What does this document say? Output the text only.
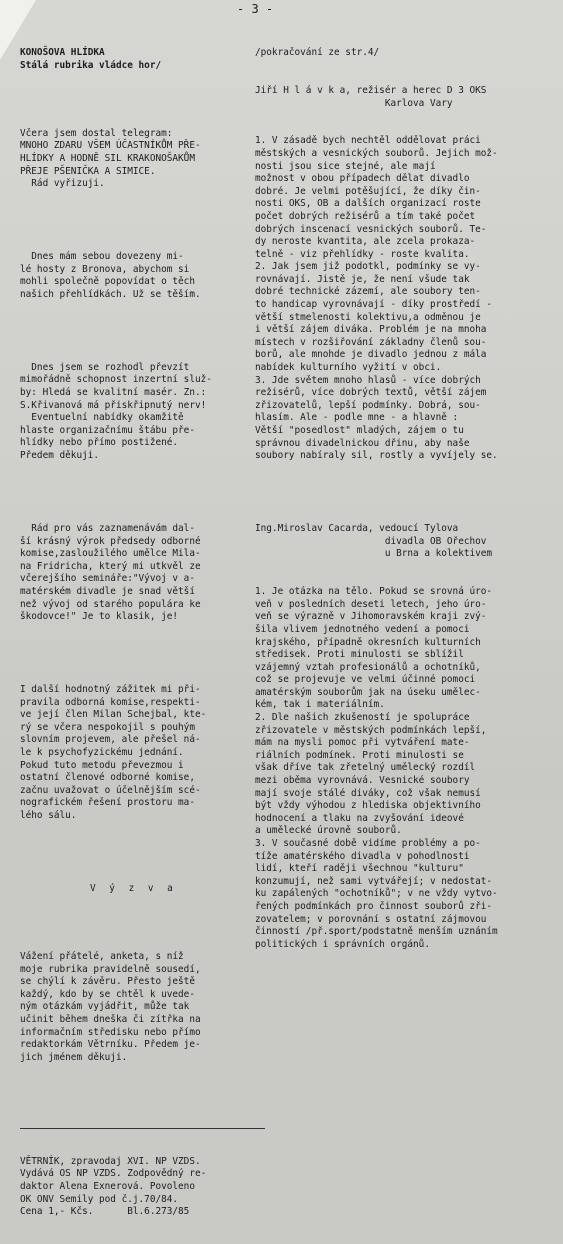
- 3 -

KONOŠOVA HLÍDKA
Stálá rubrika vládce hor/

Včera jsem dostal telegram:
MNOHO ZDARU VŠEM ÚČASTNÍKŮM PŘE-
HLÍDKY A HODNĚ SIL KRAKONOŠAKŮM
PŘEJE PŠENIČKA A SIMICE.
Rád vyřizuji.

Dnes mám sebou dovezeny mi-
lé hosty z Bronova, abychom si
mohli společně popovídat o těch
našich přehlídkách. Už se těším.

Dnes jsem se rozhodl převzít
mimořádně schopnost inzertní služ-
by: Hledá se kvalitní masér. Zn.:
S.Křivanová má přiskřipnutý nerv!
Eventuelní nabídky okamžitě
hlaste organizačnímu štábu pře-
hlídky nebo přímo postižené.
Předem děkuji.

Rád pro vás zaznamenávám dal-
ší krásný výrok předsedy odborné
komise,zasloužilého umělce Mila-
na Fridricha, který mi utkvěl ze
včerejšího semináře:"Vývoj v a-
matérském divadle je snad větší
než vývoj od starého populára ke
škodovce!" Je to klasik, je!

I další hodnotný zážitek mi při-
pravila odborná komise,respekti-
ve její člen Milan Schejbal, kte-
rý se včera nespokojil s pouhým
slovním projevem, ale přešel ná-
le k psychofyzickému jednání.
Pokud tuto metodu převezmou i
ostatní členové odborné komise,
začnu uvažovat o účelnějším scé-
nografickém řešení prostoru ma-
lého sálu.

V ý z v a

Vážení přátelé, anketa, s níž
moje rubrika pravidelně sousedí,
se chýlí k závěru. Přesto ještě
každý, kdo by se chtěl k uvede-
ným otázkám vyjádřit, může tak
učinit během dneška či zítřka na
informačním středisku nebo přímo
redaktorkám Větrníku. Předem je-
jich jménem děkuji.

VĚTRNÍK, zpravodaj XVI. NP VZDS.
Vydává OS NP VZDS. Zodpovědný re-
daktor Alena Exnerová. Povoleno
OK ONV Semily pod č.j.70/84.
Cena 1,- Kčs.      Bl.6.273/85

/pokračování ze str.4/

Jiří H l á v k a, režisér a herec D 3 OKS
Karlova Vary

1. V zásadě bych nechtěl oddělovat práci
městských a vesnických souborů. Jejich mož-
nosti jsou sice stejné, ale mají
možnost v obou případech dělat divadlo
dobré. Je velmi potěšující, že díky čin-
nosti OKS, OB a dalších organizací roste
počet dobrých režisérů a tím také počet
dobrých inscenací vesnických souborů. Te-
dy neroste kvantita, ale zcela prokaza-
telně - viz přehlídky - roste kvalita.
2. Jak jsem již podotkl, podmínky se vy-
rovnávají. Jistě je, že není všude tak
dobré technické zázemí, ale soubory ten-
to handicap vyrovnávají - díky prostředí -
větší stmelenosti kolektivu,a odměnou je
i větší zájem diváka. Problém je na mnoha
místech v rozšiřování základny členů sou-
borů, ale mnohde je divadlo jednou z mála
nabídek kulturního vyžití v obci.
3. Jde světem mnoho hlasů - více dobrých
režisérů, více dobrých textů, větší zájem
zřizovatelů, lepší podmínky. Dobrá, sou-
hlasím. Ale - podle mne - a hlavně :
Větší "posedlost" mladých, zájem o tu
správnou divadelnickou dřinu, aby naše
soubory nabíraly sil, rostly a vyvíjely se.

Ing.Miroslav Cacarda, vedoucí Tylova
divadla OB Ořechov
u Brna a kolektivem

1. Je otázka na tělo. Pokud se srovná úro-
veň v posledních deseti letech, jeho úro-
veň se výrazně v Jihomoravském kraji zvý-
šila vlivem jednotného vedení a pomoci
krajského, případně okresních kulturních
středisek. Proti minulosti se sblížil
vzájemný vztah profesionálů a ochotníků,
což se projevuje ve velmi účinné pomoci
amatérským souborům jak na úseku umělec-
kém, tak i materiálním.
2. Dle našich zkušeností je spolupráce
zřizovatele v městských podmínkách lepší,
mám na mysli pomoc při vytváření mate-
riálních podmínek. Proti minulosti se
však dříve tak zřetelný umělecký rozdíl
mezi oběma vyrovnává. Vesnické soubory
mají svoje stálé diváky, což však nemusí
být vždy výhodou z hlediska objektivního
hodnocení a tlaku na zvyšování ideové
a umělecké úrovně souborů.
3. V současné době vidíme problémy a po-
tíže amatérského divadla v pohodlnosti
lidí, kteří raději všechnou "kulturu"
konzumují, než sami vytvářejí; v nedostat-
ku zapálených "ochotníků"; v ne vždy vytvo-
řených podmínkách pro činnost souborů zři-
zovatelem; v porovnání s ostatní zájmovou
činností /př.sport/podstatně menším uznáním
politických i správních orgánů.
